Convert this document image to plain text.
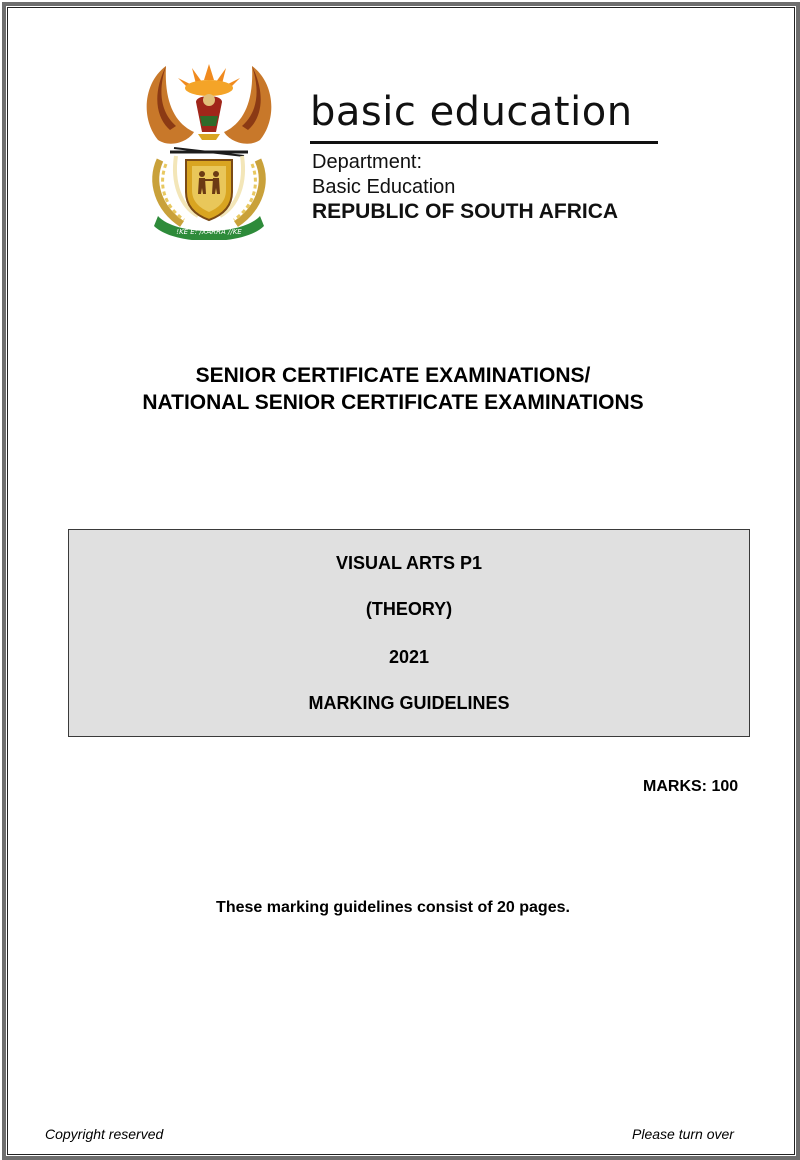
!KE E: /XARRA //KE
basic education
Department:
Basic Education
REPUBLIC OF SOUTH AFRICA
SENIOR CERTIFICATE EXAMINATIONS/
NATIONAL SENIOR CERTIFICATE EXAMINATIONS
VISUAL ARTS P1
(THEORY)
2021
MARKING GUIDELINES
MARKS: 100
These marking guidelines consist of 20 pages.
Copyright reserved	Please turn over
